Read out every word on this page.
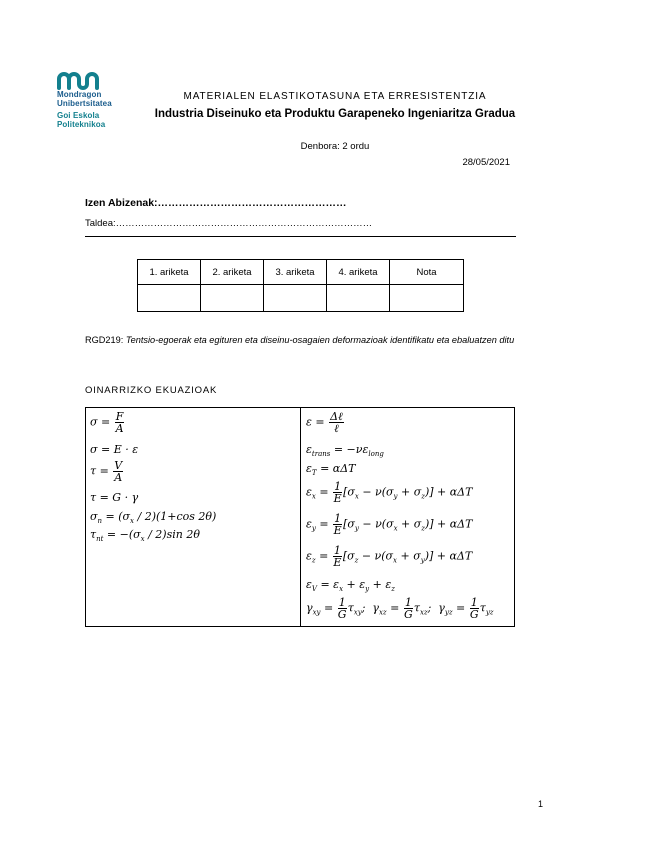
Mondragon
Unibertsitatea
Goi Eskola
Politeknikoa
MATERIALEN ELASTIKOTASUNA ETA ERRESISTENTZIA
Industria Diseinuko eta Produktu Garapeneko Ingeniaritza Gradua
Denbora: 2 ordu
28/05/2021
Izen Abizenak:………………………………………………
Taldea:………………………………………………………………………
1. ariketa	2. ariketa	3. ariketa	4. ariketa	Nota

RGD219: Tentsio-egoerak eta egituren eta diseinu-osagaien deformazioak identifikatu eta ebaluatzen ditu
OINARRIZKO EKUAZIOAK
$\sigma = \frac{F}{A}$
σ = E · ε
$\tau = \frac{V}{A}$
τ = G · γ
$\sigma_n = (\sigma_x / 2)(1+\cos$ 2θ)
$\tau_{nt} = -(\sigma_x / 2)\sin$ 2θ
$\varepsilon = \frac{\text{Δℓ}}{\text{ℓ}}$
$\varepsilon_{trans} = -\nu\varepsilon_{long}$
$\varepsilon_T = \alpha\Delta T$
$\varepsilon_x = \frac{1}{E} [\sigma_x - \nu(\sigma_y + \sigma_z)] + \alpha\Delta T$
$\varepsilon_y = \frac{1}{E} [\sigma_y - \nu(\sigma_x + \sigma_z)] + \alpha\Delta T$
$\varepsilon_z = \frac{1}{E} [\sigma_z - \nu(\sigma_x + \sigma_y)] + \alpha\Delta T$
$\varepsilon_V = \varepsilon_x + \varepsilon_y + \varepsilon_z$
$\gamma_{xy} = \frac{1}{G} \tau_{xy}$;  $\gamma_{xz} = \frac{1}{G} \tau_{xz}$;  $\gamma_{yz} = \frac{1}{G} \tau_{yz}$
1
